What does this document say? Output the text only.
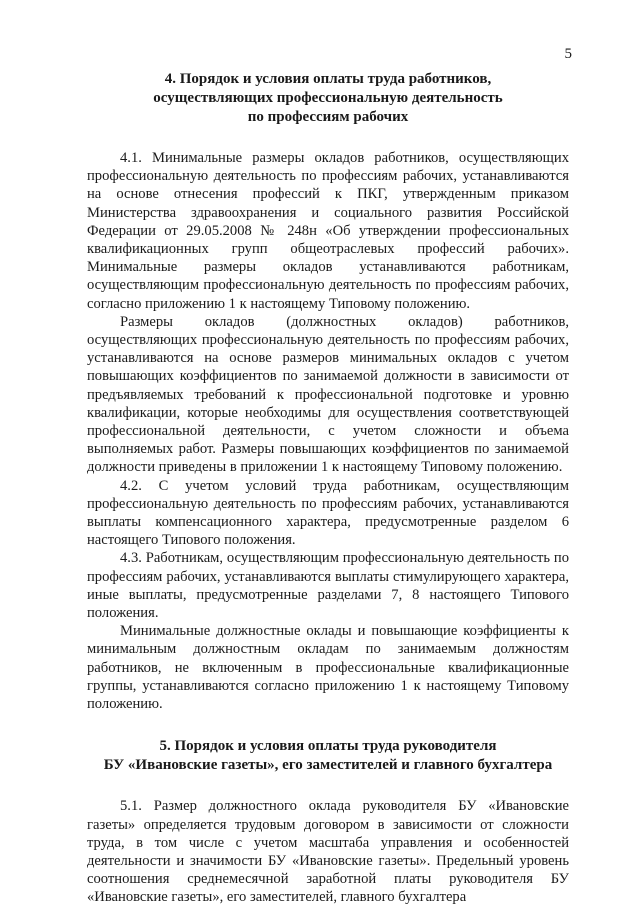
5
4. Порядок и условия оплаты труда работников,
осуществляющих профессиональную деятельность
по профессиям рабочих

4.1. Минимальные размеры окладов работников, осуществляющих профессиональную деятельность по профессиям рабочих, устанавливаются на основе отнесения профессий к ПКГ, утвержденным приказом Министерства здравоохранения и социального развития Российской Федерации от 29.05.2008 № 248н «Об утверждении профессиональных квалификационных групп общеотраслевых профессий рабочих». Минимальные размеры окладов устанавливаются работникам, осуществляющим профессиональную деятельность по профессиям рабочих, согласно приложению 1 к настоящему Типовому положению.

Размеры окладов (должностных окладов) работников, осуществляющих профессиональную деятельность по профессиям рабочих, устанавливаются на основе размеров минимальных окладов с учетом повышающих коэффициентов по занимаемой должности в зависимости от предъявляемых требований к профессиональной подготовке и уровню квалификации, которые необходимы для осуществления соответствующей профессиональной деятельности, с учетом сложности и объема выполняемых работ. Размеры повышающих коэффициентов по занимаемой должности приведены в приложении 1 к настоящему Типовому положению.

4.2. С учетом условий труда работникам, осуществляющим профессиональную деятельность по профессиям рабочих, устанавливаются выплаты компенсационного характера, предусмотренные разделом 6 настоящего Типового положения.

4.3. Работникам, осуществляющим профессиональную деятельность по профессиям рабочих, устанавливаются выплаты стимулирующего характера, иные выплаты, предусмотренные разделами 7, 8 настоящего Типового положения.

Минимальные должностные оклады и повышающие коэффициенты к минимальным должностным окладам по занимаемым должностям работников, не включенным в профессиональные квалификационные группы, устанавливаются согласно приложению 1 к настоящему Типовому положению.

5. Порядок и условия оплаты труда руководителя
БУ «Ивановские газеты», его заместителей и главного бухгалтера

5.1. Размер должностного оклада руководителя БУ «Ивановские газеты» определяется трудовым договором в зависимости от сложности труда, в том числе с учетом масштаба управления и особенностей деятельности и значимости БУ «Ивановские газеты». Предельный уровень соотношения среднемесячной заработной платы руководителя БУ «Ивановские газеты», его заместителей, главного бухгалтера
